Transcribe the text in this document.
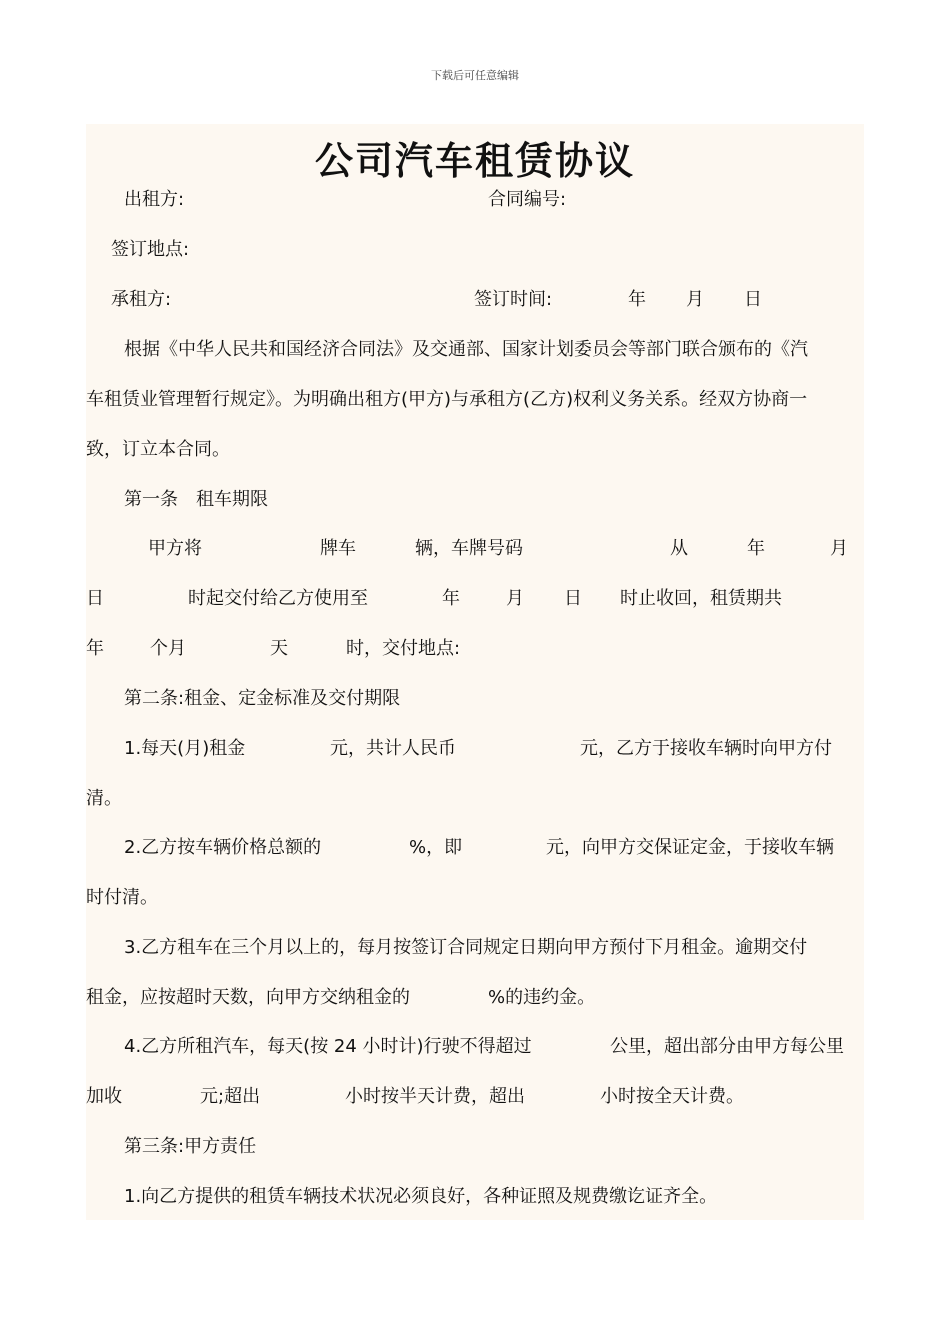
下载后可任意编辑
公司汽车租赁协议
出租方:	合同编号:
签订地点:
承租方:	签订时间:	年 月 日
根据《中华人民共和国经济合同法》及交通部、国家计划委员会等部门联合颁布的《汽
车租赁业管理暂行规定》。为明确出租方(甲方)与承租方(乙方)权利义务关系。经双方协商一
致，订立本合同。
第一条　租车期限
甲方将	牌车	辆，车牌号码	从	年	月
日	时起交付给乙方使用至	年	月 日 时止收回，租赁期共
年	个月	天	时，交付地点:
第二条:租金、定金标准及交付期限
1.每天(月)租金	元，共计人民币	元，乙方于接收车辆时向甲方付
清。
2.乙方按车辆价格总额的	%，即	元，向甲方交保证定金，于接收车辆
时付清。
3.乙方租车在三个月以上的，每月按签订合同规定日期向甲方预付下月租金。逾期交付
租金，应按超时天数，向甲方交纳租金的	%的违约金。
4.乙方所租汽车，每天(按 24 小时计)行驶不得超过	公里，超出部分由甲方每公里
加收	元;超出	小时按半天计费，超出	小时按全天计费。
第三条:甲方责任
1.向乙方提供的租赁车辆技术状况必须良好，各种证照及规费缴讫证齐全。
